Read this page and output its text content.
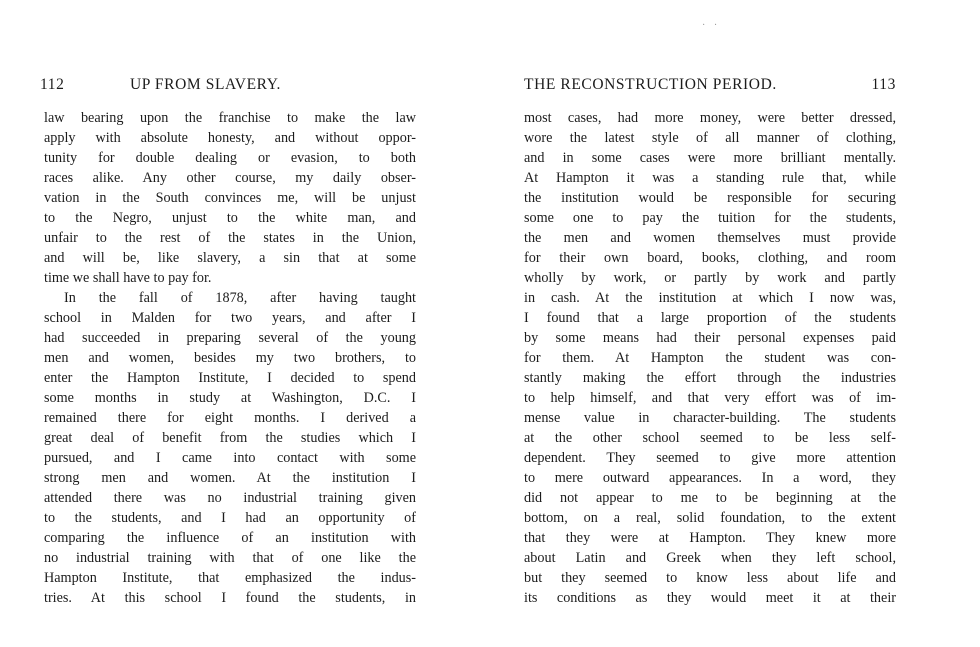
· ·
112	UP FROM SLAVERY.
law bearing upon the franchise to make the law
apply with absolute honesty, and without oppor-
tunity for double dealing or evasion, to both
races alike. Any other course, my daily obser-
vation in the South convinces me, will be unjust
to the Negro, unjust to the white man, and
unfair to the rest of the states in the Union,
and will be, like slavery, a sin that at some
time we shall have to pay for.
In the fall of 1878, after having taught
school in Malden for two years, and after I
had succeeded in preparing several of the young
men and women, besides my two brothers, to
enter the Hampton Institute, I decided to spend
some months in study at Washington, D.C. I
remained there for eight months. I derived a
great deal of benefit from the studies which I
pursued, and I came into contact with some
strong men and women. At the institution I
attended there was no industrial training given
to the students, and I had an opportunity of
comparing the influence of an institution with
no industrial training with that of one like the
Hampton Institute, that emphasized the indus-
tries. At this school I found the students, in
THE RECONSTRUCTION PERIOD.	113
most cases, had more money, were better dressed,
wore the latest style of all manner of clothing,
and in some cases were more brilliant mentally.
At Hampton it was a standing rule that, while
the institution would be responsible for securing
some one to pay the tuition for the students,
the men and women themselves must provide
for their own board, books, clothing, and room
wholly by work, or partly by work and partly
in cash. At the institution at which I now was,
I found that a large proportion of the students
by some means had their personal expenses paid
for them. At Hampton the student was con-
stantly making the effort through the industries
to help himself, and that very effort was of im-
mense value in character-building. The students
at the other school seemed to be less self-
dependent. They seemed to give more attention
to mere outward appearances. In a word, they
did not appear to me to be beginning at the
bottom, on a real, solid foundation, to the extent
that they were at Hampton. They knew more
about Latin and Greek when they left school,
but they seemed to know less about life and
its conditions as they would meet it at their
